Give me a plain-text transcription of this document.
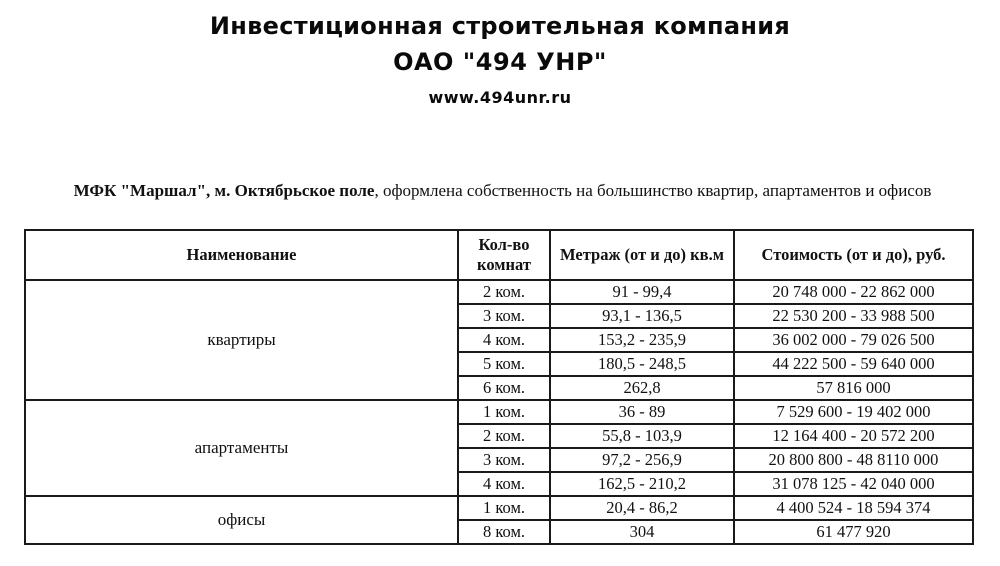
Инвестиционная строительная компания
ОАО "494 УНР"
www.494unr.ru
МФК "Маршал", м. Октябрьское поле, оформлена собственность на большинство квартир, апартаментов и офисов
Наименование	Кол-во комнат	Метраж (от и до) кв.м	Стоимость (от и до), руб.
квартиры	2 ком.	91 - 99,4	20 748 000 - 22 862 000
	3 ком.	93,1 - 136,5	22 530 200 - 33 988 500
	4 ком.	153,2 - 235,9	36 002 000 - 79 026 500
	5 ком.	180,5 - 248,5	44 222 500 - 59 640 000
	6 ком.	262,8	57 816 000
апартаменты	1 ком.	36 - 89	7 529 600 - 19 402 000
	2 ком.	55,8 - 103,9	12 164 400 - 20 572 200
	3 ком.	97,2 - 256,9	20 800 800 - 48 8110 000
	4 ком.	162,5 - 210,2	31 078 125 - 42 040 000
офисы	1 ком.	20,4 - 86,2	4 400 524 - 18 594 374
	8 ком.	304	61 477 920
